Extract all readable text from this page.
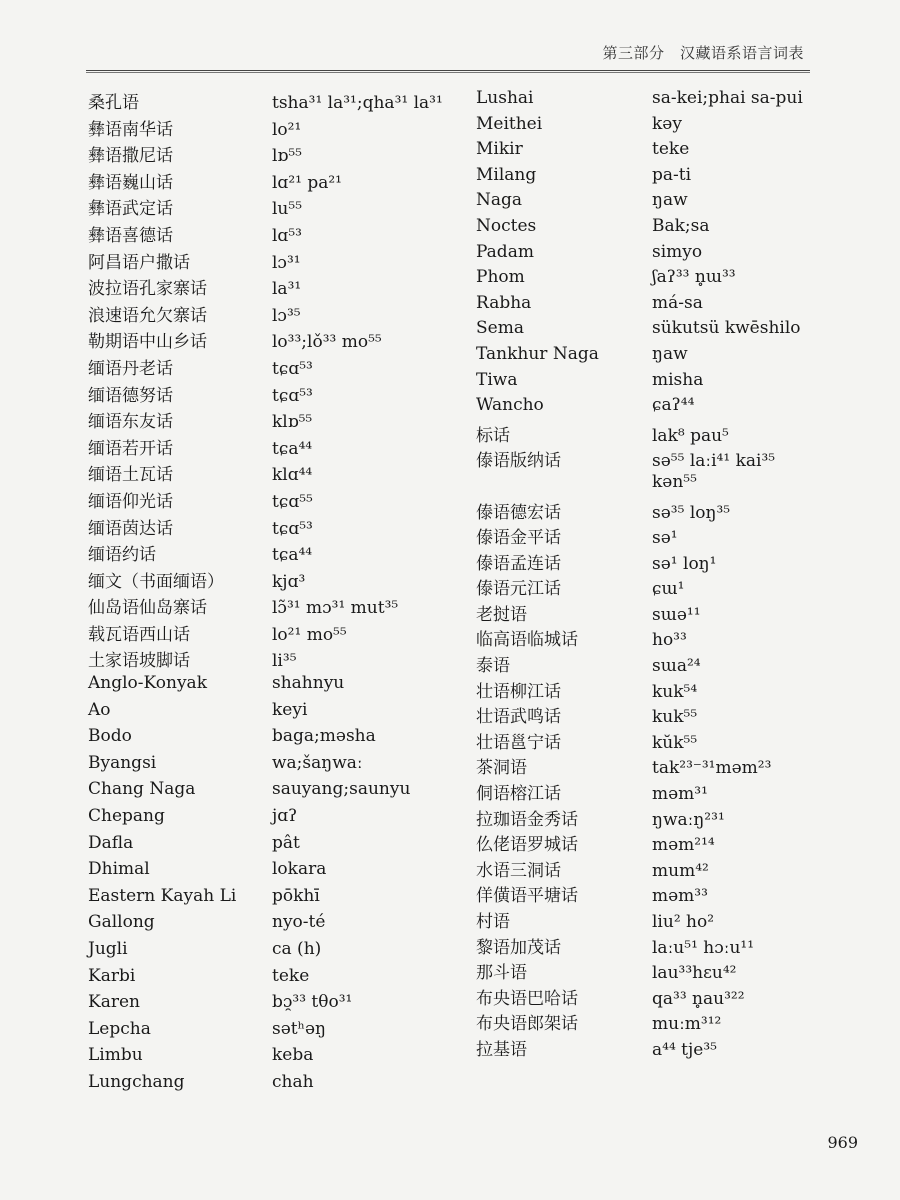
第三部分　汉藏语系语言词表
桑孔语	tsha³¹ la³¹;qha³¹ la³¹
彝语南华话	lo²¹
彝语撒尼话	lɒ⁵⁵
彝语巍山话	lɑ²¹ pa²¹
彝语武定话	lu⁵⁵
彝语喜德话	lɑ⁵³
阿昌语户撒话	lɔ³¹
波拉语孔家寨话	la³¹
浪速语允欠寨话	lɔ³⁵
勒期语中山乡话	lo³³;lǒ³³ mo⁵⁵
缅语丹老话	tɕɑ⁵³
缅语德努话	tɕɑ⁵³
缅语东友话	klɒ⁵⁵
缅语若开话	tɕa⁴⁴
缅语土瓦话	klɑ⁴⁴
缅语仰光话	tɕɑ⁵⁵
缅语茵达话	tɕɑ⁵³
缅语约话	tɕa⁴⁴
缅文（书面缅语）	kjɑ³
仙岛语仙岛寨话	lɔ̃³¹ mɔ³¹ mut³⁵
载瓦语西山话	lo²¹ mo⁵⁵
土家语坡脚话	li³⁵
Anglo-Konyak	shahnyu
Ao	keyi
Bodo	baga;məsha
Byangsi	wa;šaŋwaː
Chang Naga	sauyang;saunyu
Chepang	jɑʔ
Dafla	pât
Dhimal	lokara
Eastern Kayah Li	pōkhī
Gallong	nyo-té
Jugli	ca (h)
Karbi	teke
Karen	bɔ̯³³ tθo³¹
Lepcha	sətʰəŋ
Limbu	keba
Lungchang	chah
Lushai	sa-kei;phai sa-pui
Meithei	kəy
Mikir	teke
Milang	pa-ti
Naga	ŋaw
Noctes	Bak;sa
Padam	simyo
Phom	ʃaʔ³³ n̥ɯ³³
Rabha	má-sa
Sema	sükutsü kwēshilo
Tankhur Naga	ŋaw
Tiwa	misha
Wancho	ɕaʔ⁴⁴
标话	lak⁸ pau⁵
傣语版纳话	sə⁵⁵ laːi⁴¹ kai³⁵
kən⁵⁵
傣语德宏话	sə³⁵ loŋ³⁵
傣语金平话	sə¹
傣语孟连话	sə¹ loŋ¹
傣语元江话	ɕɯ¹
老挝语	sɯə¹¹
临高语临城话	ho³³
泰语	sɯa²⁴
壮语柳江话	kuk⁵⁴
壮语武鸣话	kuk⁵⁵
壮语邕宁话	kŭk⁵⁵
茶洞语	tak²³⁻³¹məm²³
侗语榕江话	məm³¹
拉珈语金秀话	ŋwaːŋ²³¹
仫佬语罗城话	məm²¹⁴
水语三洞话	mum⁴²
佯僙语平塘话	məm³³
村语	liu² ho²
黎语加茂话	laːu⁵¹ hɔːu¹¹
那斗语	lau³³hɛu⁴²
布央语巴哈话	qa³³ n̥au³²²
布央语郎架话	muːm³¹²
拉基语	a⁴⁴ tje³⁵
969
